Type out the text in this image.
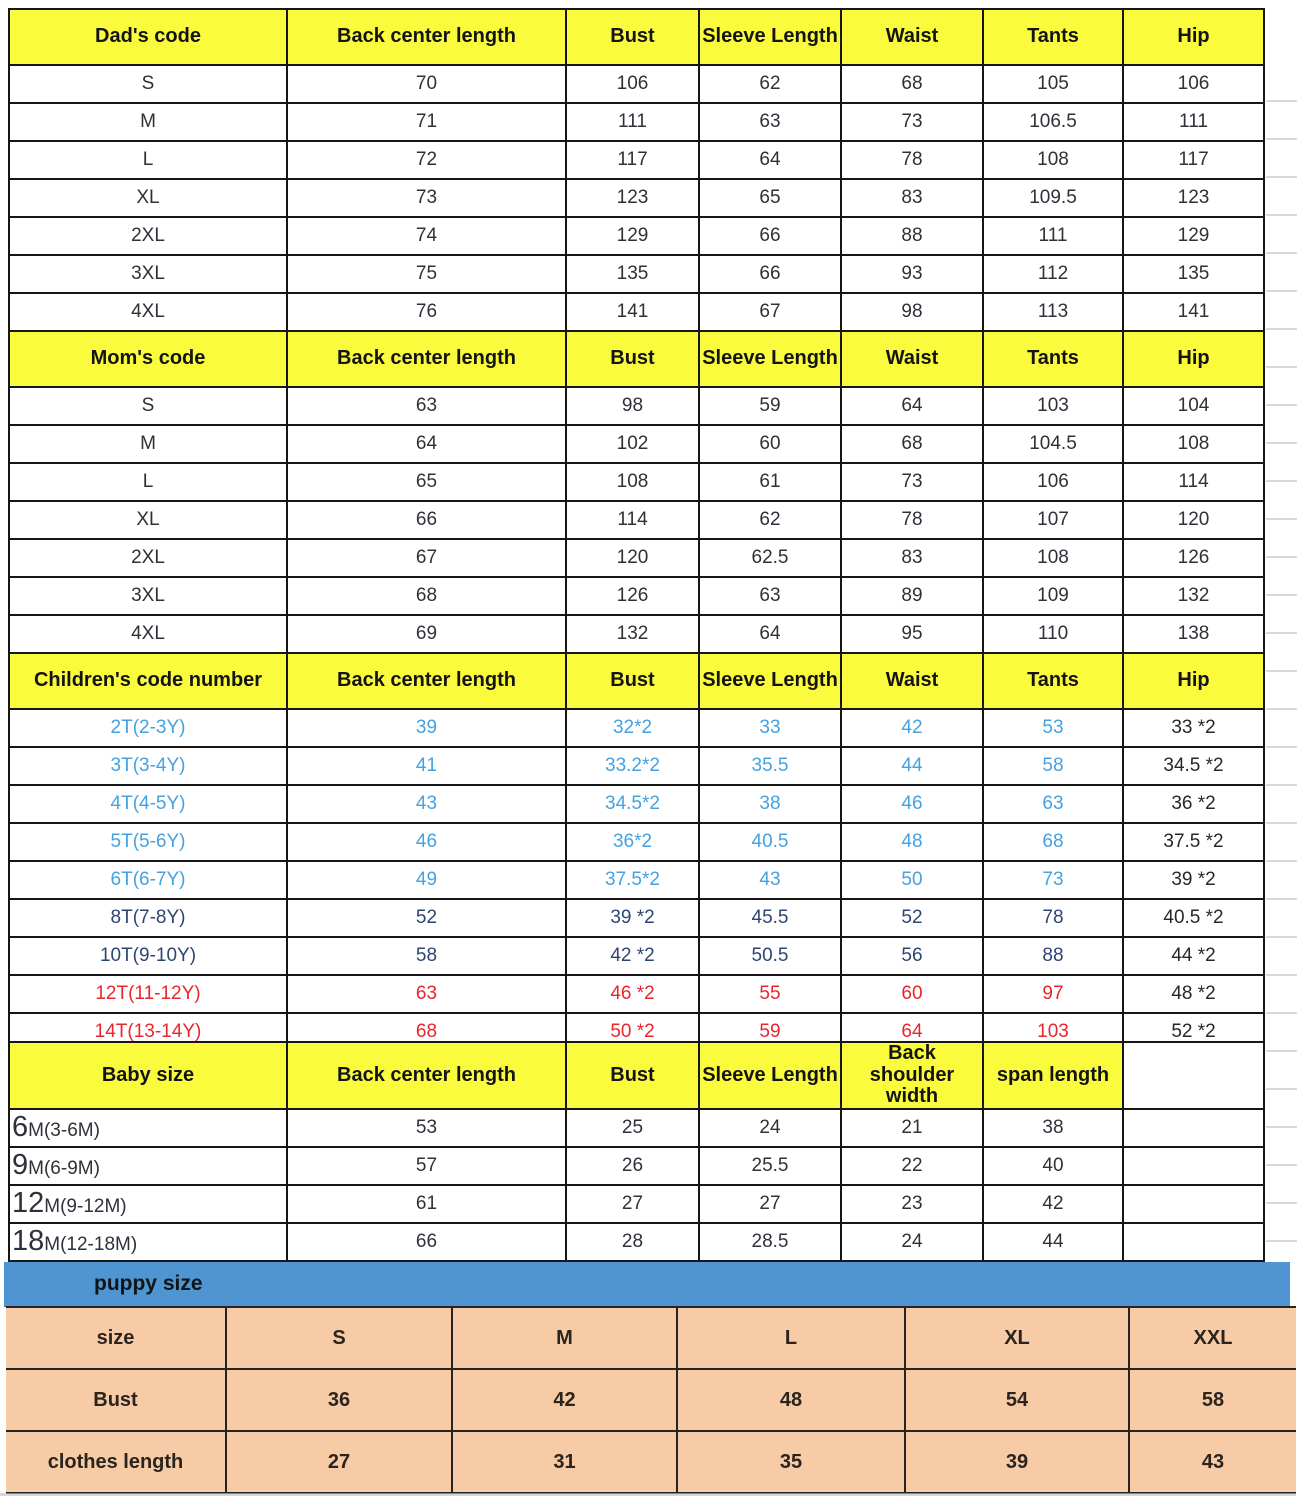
Dad's code	Back center length	Bust	Sleeve Length	Waist	Tants	Hip
S	70	106	62	68	105	106
M	71	111	63	73	106.5	111
L	72	117	64	78	108	117
XL	73	123	65	83	109.5	123
2XL	74	129	66	88	111	129
3XL	75	135	66	93	112	135
4XL	76	141	67	98	113	141
Mom's code	Back center length	Bust	Sleeve Length	Waist	Tants	Hip
S	63	98	59	64	103	104
M	64	102	60	68	104.5	108
L	65	108	61	73	106	114
XL	66	114	62	78	107	120
2XL	67	120	62.5	83	108	126
3XL	68	126	63	89	109	132
4XL	69	132	64	95	110	138
Children's code number	Back center length	Bust	Sleeve Length	Waist	Tants	Hip
2T(2-3Y)	39	32*2	33	42	53	33 *2
3T(3-4Y)	41	33.2*2	35.5	44	58	34.5 *2
4T(4-5Y)	43	34.5*2	38	46	63	36 *2
5T(5-6Y)	46	36*2	40.5	48	68	37.5 *2
6T(6-7Y)	49	37.5*2	43	50	73	39 *2
8T(7-8Y)	52	39 *2	45.5	52	78	40.5 *2
10T(9-10Y)	58	42 *2	50.5	56	88	44 *2
12T(11-12Y)	63	46 *2	55	60	97	48 *2
14T(13-14Y)	68	50 *2	59	64	103	52 *2
Baby size	Back center length	Bust	Sleeve Length	Back shoulder width	span length	
6M(3-6M)	53	25	24	21	38	
9M(6-9M)	57	26	25.5	22	40	
12M(9-12M)	61	27	27	23	42	
18M(12-18M)	66	28	28.5	24	44	
puppy size
size	S	M	L	XL	XXL
Bust	36	42	48	54	58
clothes length	27	31	35	39	43
